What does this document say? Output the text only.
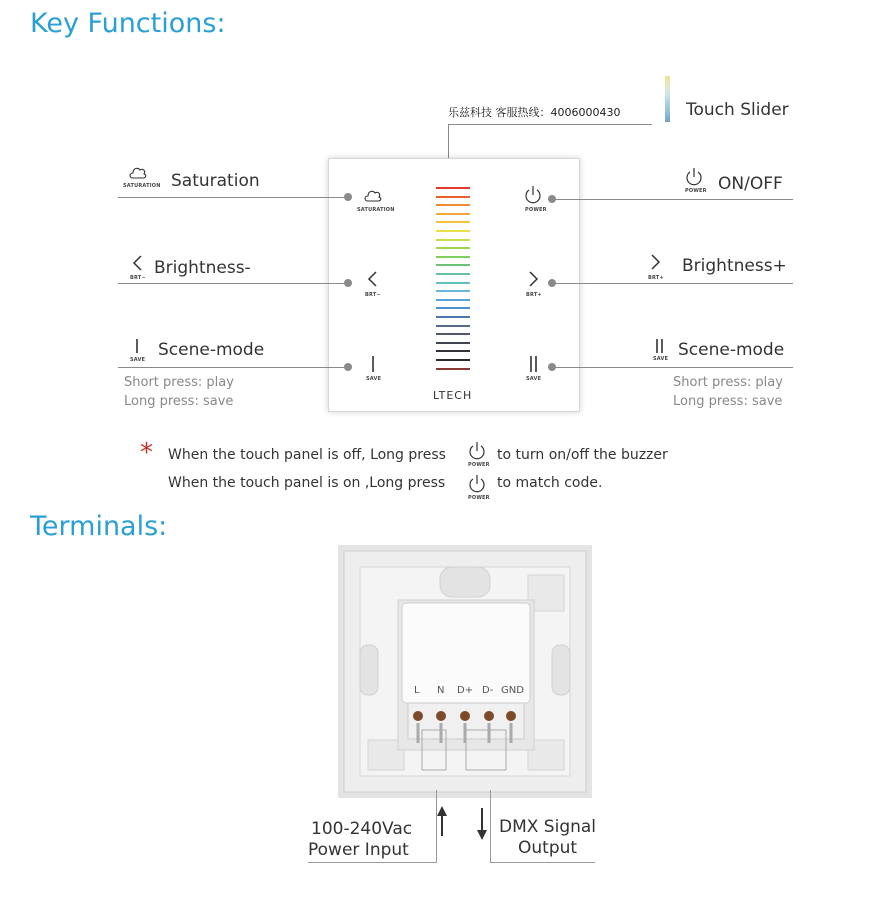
Key Functions:
Terminals:
乐兹科技 客服热线：4006000430	Touch Slider
LTECH
SATURATION
BRT−
SAVE
POWER
BRT+
SAVE
SATURATION Saturation
BRT− Brightness-
SAVE Scene-mode
Short press: play
Long press: save
POWER ON/OFF
BRT+
Brightness+
SAVE Scene-mode
Short press: play
Long press: save
* When the touch panel is off, Long press
POWER
to turn on/off the buzzer
When the touch panel is on ,Long press
POWER
to match code.
L N D+ D- GND
100-240Vac
Power Input
DMX Signal
Output
